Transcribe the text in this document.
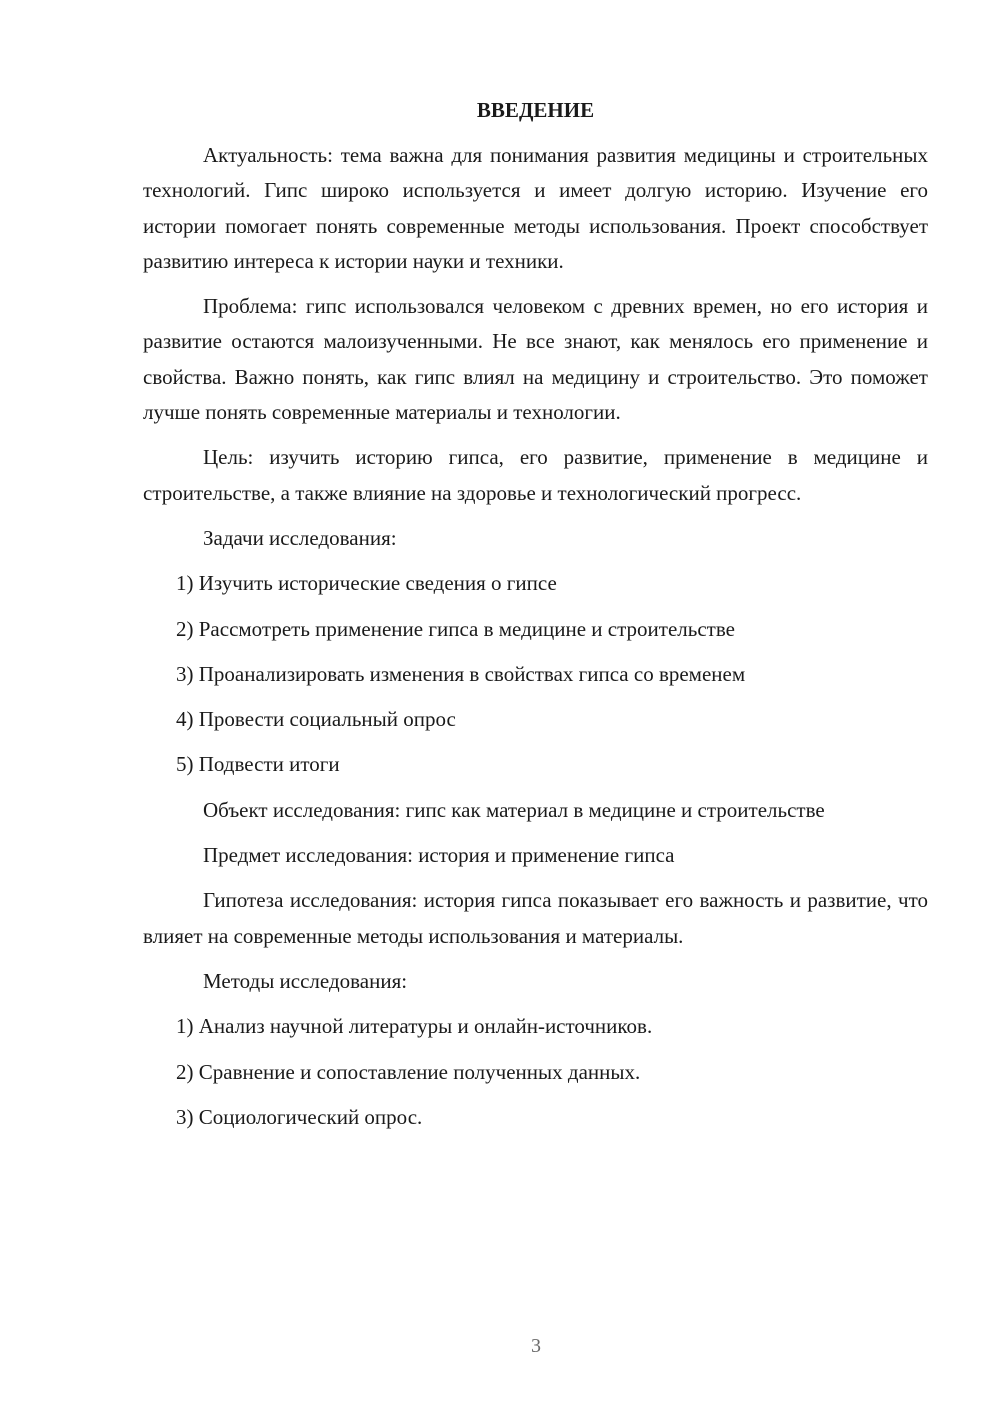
ВВЕДЕНИЕ

Актуальность: тема важна для понимания развития медицины и строительных технологий. Гипс широко используется и имеет долгую историю. Изучение его истории помогает понять современные методы использования. Проект способствует развитию интереса к истории науки и техники.

Проблема: гипс использовался человеком с древних времен, но его история и развитие остаются малоизученными. Не все знают, как менялось его применение и свойства. Важно понять, как гипс влиял на медицину и строительство. Это поможет лучше понять современные материалы и технологии.

Цель: изучить историю гипса, его развитие, применение в медицине и строительстве, а также влияние на здоровье и технологический прогресс.

Задачи исследования:

1) Изучить исторические сведения о гипсе
2) Рассмотреть применение гипса в медицине и строительстве
3) Проанализировать изменения в свойствах гипса со временем
4) Провести социальный опрос
5) Подвести итоги

Объект исследования: гипс как материал в медицине и строительстве

Предмет исследования: история и применение гипса

Гипотеза исследования: история гипса показывает его важность и развитие, что влияет на современные методы использования и материалы.

Методы исследования:

1) Анализ научной литературы и онлайн-источников.
2) Сравнение и сопоставление полученных данных.
3) Социологический опрос.
3
